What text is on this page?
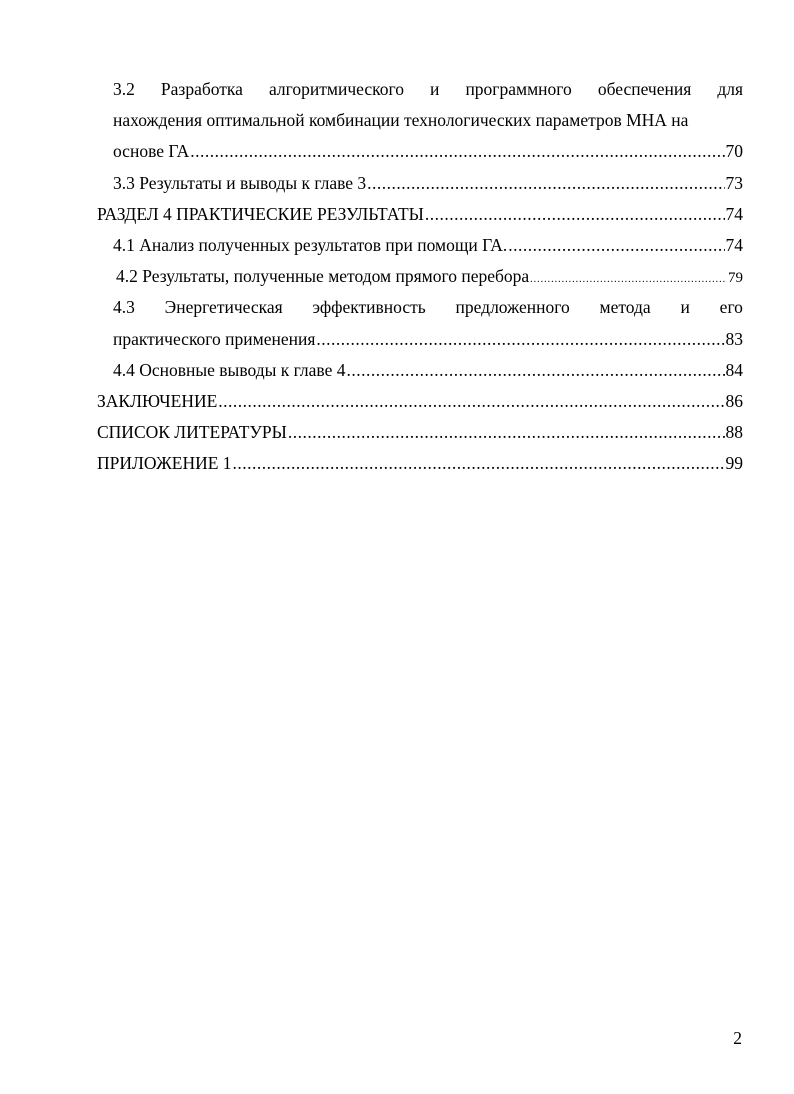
3.2 Разработка алгоритмического и программного обеспечения для
нахождения оптимальной комбинации технологических параметров МНА на
основе ГА .....	70
3.3 Результаты и выводы к главе 3 .....	73
РАЗДЕЛ 4 ПРАКТИЧЕСКИЕ РЕЗУЛЬТАТЫ .....	74
4.1 Анализ полученных результатов при помощи ГА. .....	74
4.2 Результаты, полученные методом прямого перебора .....	79
4.3 Энергетическая эффективность предложенного метода и его
практического применения .....	83
4.4 Основные выводы к главе 4 .....	84
ЗАКЛЮЧЕНИЕ .....	86
СПИСОК ЛИТЕРАТУРЫ .....	88
ПРИЛОЖЕНИЕ 1 .....	99
2
